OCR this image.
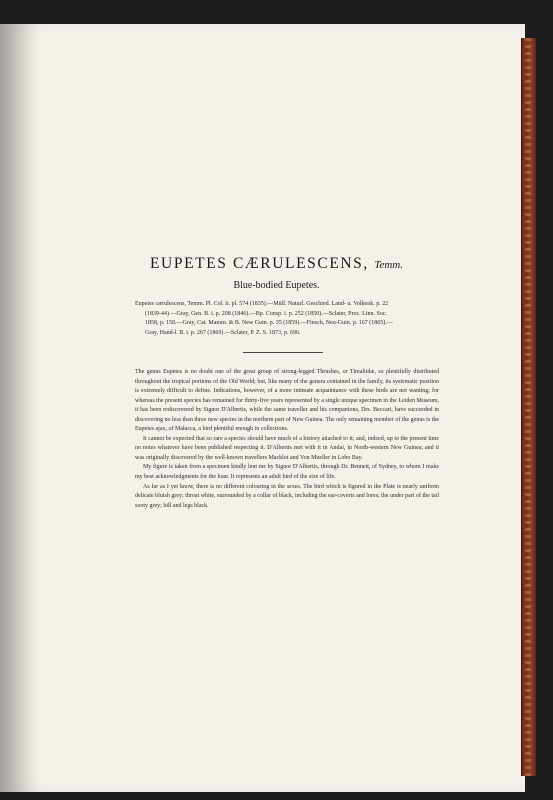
EUPETES CÆRULESCENS, Temm.
Blue-bodied Eupetes.
Eupetes cærulescens, Temm. Pl. Col. ii. pl. 574 (1835).—Müll. Naturl. Geschied. Land- u. Volkenk. p. 22
(1839-44).—Gray, Gen. B. i. p. 208 (1846).—Bp. Consp. i. p. 252 (1850).—Sclater, Proc. Linn. Soc.
1858, p. 158.—Gray, Cat. Mamm. & B. New Guin. p. 35 (1859).—Finsch, Neu-Guin. p. 167 (1865).—
Gray, Hand-l. B. i. p. 267 (1869).—Sclater, P. Z. S. 1873, p. 696.

The genus Eupetes is no doubt one of the great group of strong-legged Thrushes, or Timaliidæ, so plentifully distributed throughout the tropical portions of the Old World; but, like many of the genera contained in the family, its systematic position is extremely difficult to define. Indications, however, of a more intimate acquaintance with these birds are not wanting; for whereas the present species has remained for thirty-five years represented by a single unique specimen in the Leiden Museum, it has been rediscovered by Signor D'Albertis, while the same traveller and his companions, Drs. Beccari, have succeeded in discovering no less than three new species in the northern part of New Guinea. The only remaining member of the genus is the Eupetes ajax, of Malacca, a bird plentiful enough in collections.

It cannot be expected that so rare a species should have much of a history attached to it; and, indeed, up to the present time no notes whatever have been published respecting it. D'Albertis met with it in Andai, in North-western New Guinea; and it was originally discovered by the well-known travellers Macklot and Von Mueller in Lobo Bay.

My figure is taken from a specimen kindly lent me by Signor D'Albertis, through Dr. Bennett, of Sydney, to whom I make my best acknowledgments for the loan. It represents an adult bird of the size of life.

As far as I yet know, there is no different colouring in the sexes. The bird which is figured in the Plate is nearly uniform delicate bluish grey; throat white, surrounded by a collar of black, including the ear-coverts and lores; the under part of the tail sooty grey; bill and legs black.
